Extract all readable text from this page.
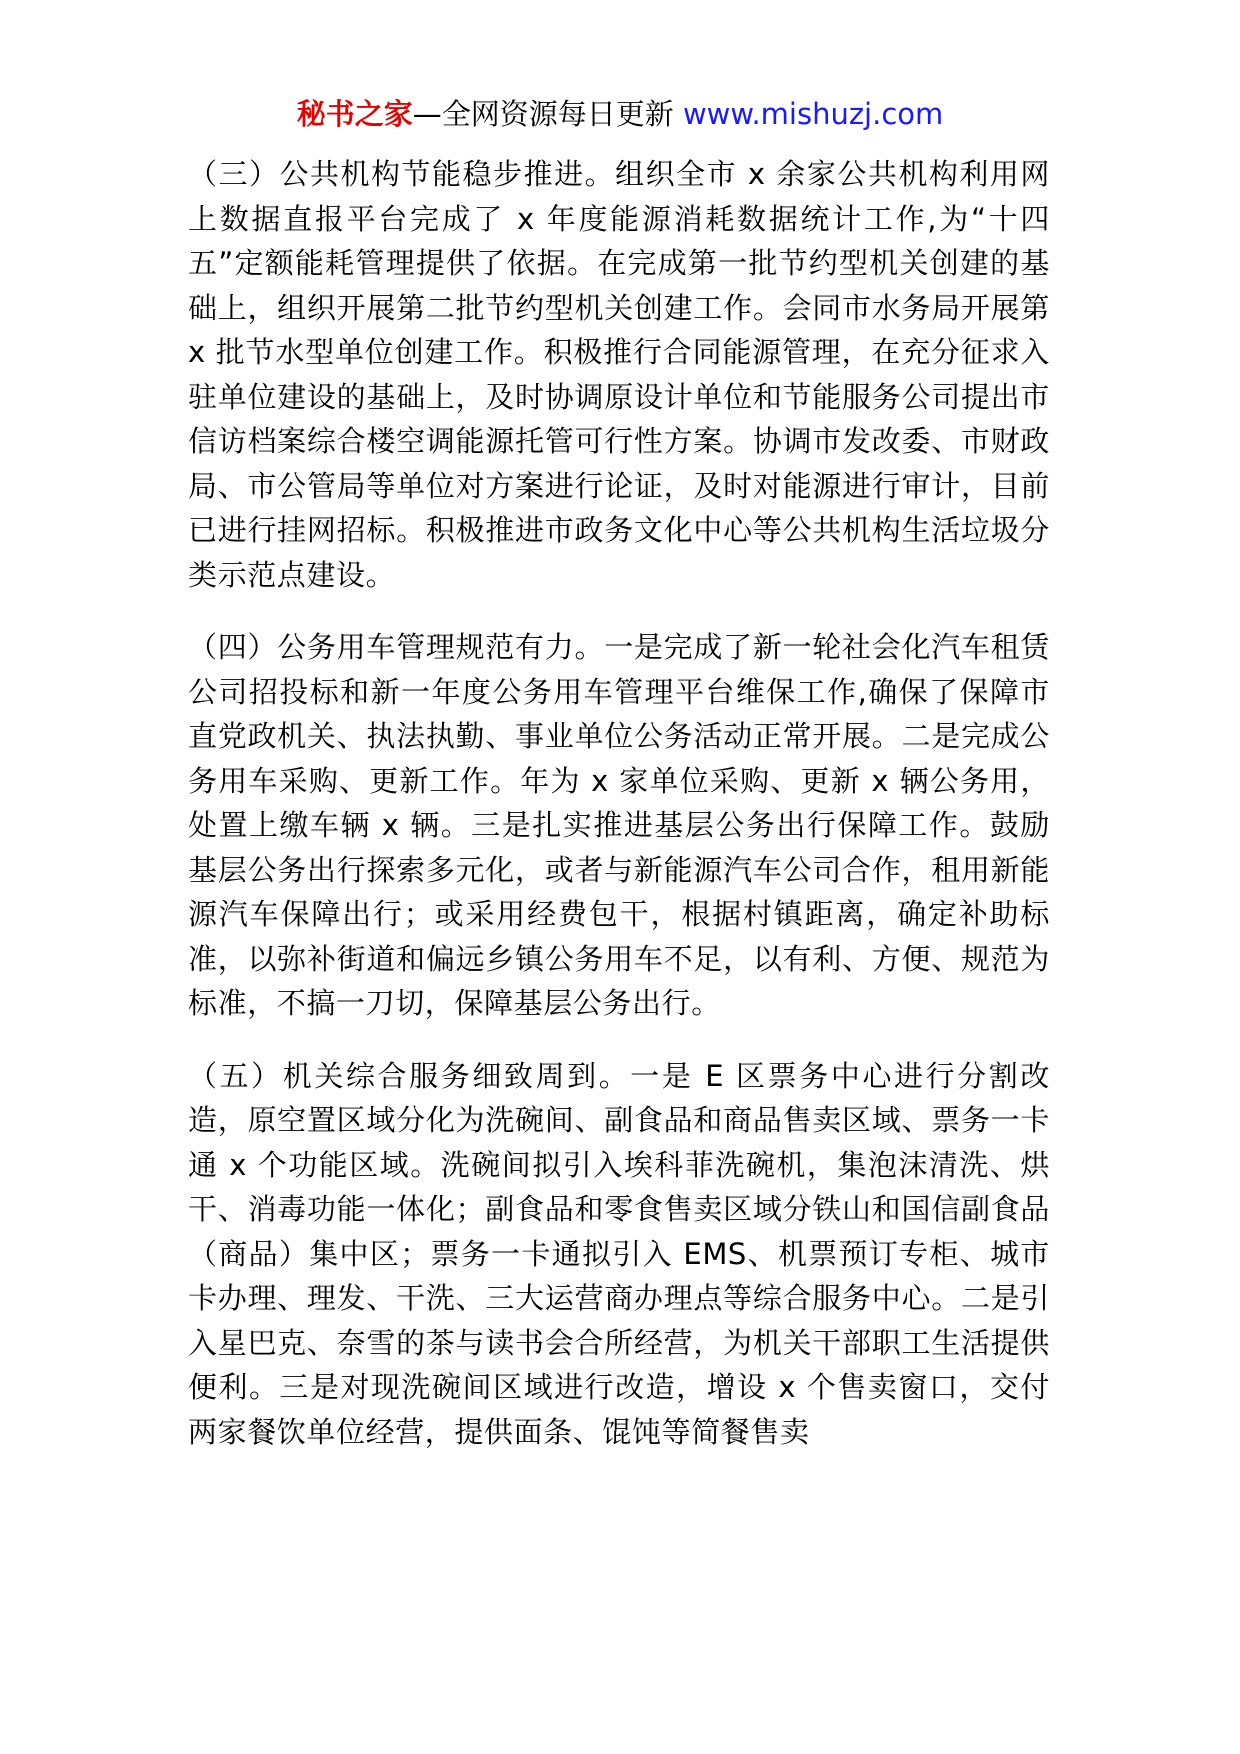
秘书之家—全网资源每日更新 www.mishuzj.com

（三）公共机构节能稳步推进。组织全市 x 余家公共机构利用网上数据直报平台完成了 x 年度能源消耗数据统计工作,为“十四五”定额能耗管理提供了依据。在完成第一批节约型机关创建的基础上，组织开展第二批节约型机关创建工作。会同市水务局开展第 x 批节水型单位创建工作。积极推行合同能源管理，在充分征求入驻单位建设的基础上，及时协调原设计单位和节能服务公司提出市信访档案综合楼空调能源托管可行性方案。协调市发改委、市财政局、市公管局等单位对方案进行论证，及时对能源进行审计，目前已进行挂网招标。积极推进市政务文化中心等公共机构生活垃圾分类示范点建设。

（四）公务用车管理规范有力。一是完成了新一轮社会化汽车租赁公司招投标和新一年度公务用车管理平台维保工作,确保了保障市直党政机关、执法执勤、事业单位公务活动正常开展。二是完成公务用车采购、更新工作。年为 x 家单位采购、更新 x 辆公务用，处置上缴车辆 x 辆。三是扎实推进基层公务出行保障工作。鼓励基层公务出行探索多元化，或者与新能源汽车公司合作，租用新能源汽车保障出行；或采用经费包干，根据村镇距离，确定补助标准，以弥补街道和偏远乡镇公务用车不足，以有利、方便、规范为标准，不搞一刀切，保障基层公务出行。

（五）机关综合服务细致周到。一是 E 区票务中心进行分割改造，原空置区域分化为洗碗间、副食品和商品售卖区域、票务一卡通 x 个功能区域。洗碗间拟引入埃科菲洗碗机，集泡沫清洗、烘干、消毒功能一体化；副食品和零食售卖区域分铁山和国信副食品（商品）集中区；票务一卡通拟引入 EMS、机票预订专柜、城市卡办理、理发、干洗、三大运营商办理点等综合服务中心。二是引入星巴克、奈雪的茶与读书会合所经营，为机关干部职工生活提供便利。三是对现洗碗间区域进行改造，增设 x 个售卖窗口，交付两家餐饮单位经营，提供面条、馄饨等简餐售卖
